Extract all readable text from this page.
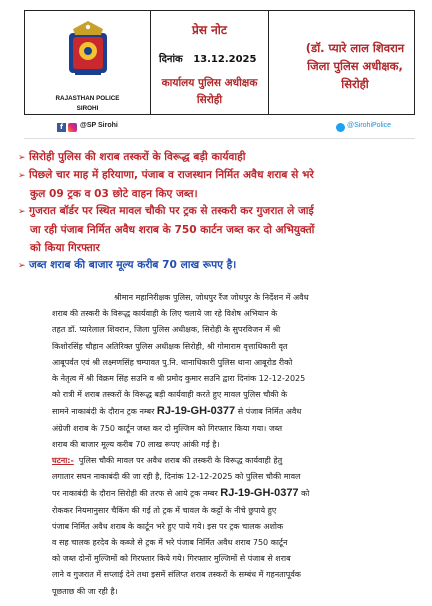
RAJASTHAN POLICE
SIROHI
प्रेस नोट
दिनांक 13.12.2025
कार्यालय पुलिस अधीक्षक
सिरोही
(डॉ. प्यारे लाल शिवरान
जिला पुलिस अधीक्षक,
सिरोही
f	@SP Sirohi	@SirohiPolice
➢ सिरोही पुलिस की शराब तस्करों के विरूद्ध बड़ी कार्यवाही
➢ पिछले चार माह में हरियाणा, पंजाब व राजस्थान निर्मित अवैध शराब से भरे
कुल 09 ट्रक व 03 छोटे वाहन किए जब्त।
➢ गुजरात बॉर्डर पर स्थित मावल चौकी पर ट्रक से तस्करी कर गुजरात ले जाई
जा रही पंजाब निर्मित अवैध शराब के 750 कार्टन जब्त कर दो अभियुक्तों
को किया गिरफ्तार
➢ जब्त शराब की बाजार मूल्य करीब 70 लाख रूपए है।
श्रीमान महानिरीक्षक पुलिस, जोधपुर रैंज जोधपुर के निर्देशन में अवैध
शराब की तस्करी के विरूद्ध कार्यवाही के लिए चलाये जा रहे विशेष अभियान के
तहत डॉ. प्यारेलाल शिवरान, जिला पुलिस अधीक्षक, सिरोही के सुपरविजन में श्री
किशोरसिंह चौहान अतिरिक्त पुलिस अधीक्षक सिरोही, श्री गोमाराम वृत्ताधिकारी वृत
आबूपर्वत एवं श्री लक्ष्मणसिंह चम्पावत पु.नि. थानाधिकारी पुलिस थाना आबूरोड रीको
के नेतृत्व में श्री विक्रम सिंह सउनि व श्री प्रमोद कुमार सउनि द्वारा दिनांक 12-12-2025
को रात्री में शराब तस्करों के विरूद्ध बड़ी कार्यवाही करते हुए मावल पुलिस चौकी के
सामने नाकाबंदी के दौरान ट्रक नम्बर RJ-19-GH-0377 से पंजाब निर्मित अवैध
अंग्रेजी शराब के 750 कार्टून जब्त कर दो मुल्जिम को गिरफ्तार किया गया। जब्त
शराब की बाजार मूल्य करीब 70 लाख रूपए आंकी गई है।
घटना:- पुलिस चौकी मावल पर अवैध शराब की तस्करी के विरूद्ध कार्यवाही हेतु
लगातार सघन नाकाबंदी की जा रही है, दिनांक 12-12-2025 को पुलिस चौकी मावल
पर नाकाबंदी के दौरान सिरोही की तरफ से आये ट्रक नम्बर RJ-19-GH-0377 को
रोककर नियमानुसार चैकिंग की गई तो ट्रक में चावल के कट्टों के नीचे छुपाये हुए
पंजाब निर्मित अवैध शराब के कार्टून भरे हुए पाये गये। इस पर ट्रक चालक अशोक
व सह चालक हरदेव के कब्जे से ट्रक में भरे पंजाब निर्मित अवैध शराब 750 कार्टून
को जब्त दोनों मुल्जिमों को गिरफ्तार किये गये। गिरफ्तार मुल्जिमों से पंजाब से शराब
लाने व गुजरात में सप्लाई देने तथा इसमें संलिप्त शराब तस्करों के सम्बंध में गहनतापूर्वक
पूछताछ की जा रही है।
